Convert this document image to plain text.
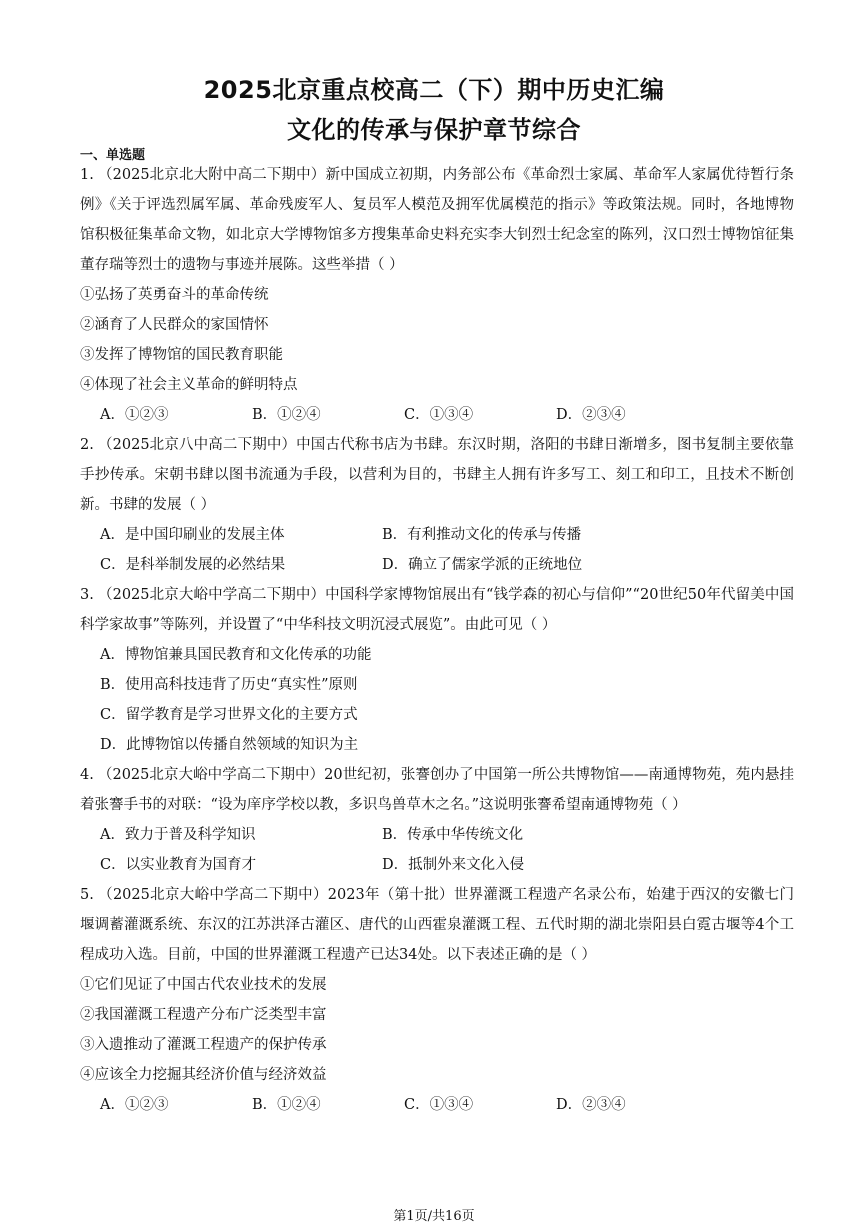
2025北京重点校高二（下）期中历史汇编
文化的传承与保护章节综合
一、单选题
1. （2025北京北大附中高二下期中）新中国成立初期，内务部公布《革命烈士家属、革命军人家属优待暂行条例》《关于评选烈属军属、革命残废军人、复员军人模范及拥军优属模范的指示》等政策法规。同时，各地博物馆积极征集革命文物，如北京大学博物馆多方搜集革命史料充实李大钊烈士纪念室的陈列，汉口烈士博物馆征集董存瑞等烈士的遗物与事迹并展陈。这些举措（ ）
①弘扬了英勇奋斗的革命传统
②涵育了人民群众的家国情怀
③发挥了博物馆的国民教育职能
④体现了社会主义革命的鲜明特点
A．①②③	B．①②④	C．①③④	D．②③④
2. （2025北京八中高二下期中）中国古代称书店为书肆。东汉时期，洛阳的书肆日渐增多，图书复制主要依靠手抄传承。宋朝书肆以图书流通为手段，以营利为目的，书肆主人拥有许多写工、刻工和印工，且技术不断创新。书肆的发展（ ）
A．是中国印刷业的发展主体	B．有利推动文化的传承与传播
C．是科举制发展的必然结果	D．确立了儒家学派的正统地位
3. （2025北京大峪中学高二下期中）中国科学家博物馆展出有“钱学森的初心与信仰”“20世纪50年代留美中国科学家故事”等陈列，并设置了“中华科技文明沉浸式展览”。由此可见（ ）
A．博物馆兼具国民教育和文化传承的功能
B．使用高科技违背了历史“真实性”原则
C．留学教育是学习世界文化的主要方式
D．此博物馆以传播自然领域的知识为主
4. （2025北京大峪中学高二下期中）20世纪初，张謇创办了中国第一所公共博物馆——南通博物苑，苑内悬挂着张謇手书的对联：“设为庠序学校以教，多识鸟兽草木之名。”这说明张謇希望南通博物苑（ ）
A．致力于普及科学知识	B．传承中华传统文化
C．以实业教育为国育才	D．抵制外来文化入侵
5. （2025北京大峪中学高二下期中）2023年（第十批）世界灌溉工程遗产名录公布，始建于西汉的安徽七门堰调蓄灌溉系统、东汉的江苏洪泽古灌区、唐代的山西霍泉灌溉工程、五代时期的湖北崇阳县白霓古堰等4个工程成功入选。目前，中国的世界灌溉工程遗产已达34处。以下表述正确的是（ ）
①它们见证了中国古代农业技术的发展
②我国灌溉工程遗产分布广泛类型丰富
③入遗推动了灌溉工程遗产的保护传承
④应该全力挖掘其经济价值与经济效益
A．①②③	B．①②④	C．①③④	D．②③④
第1页/共16页
